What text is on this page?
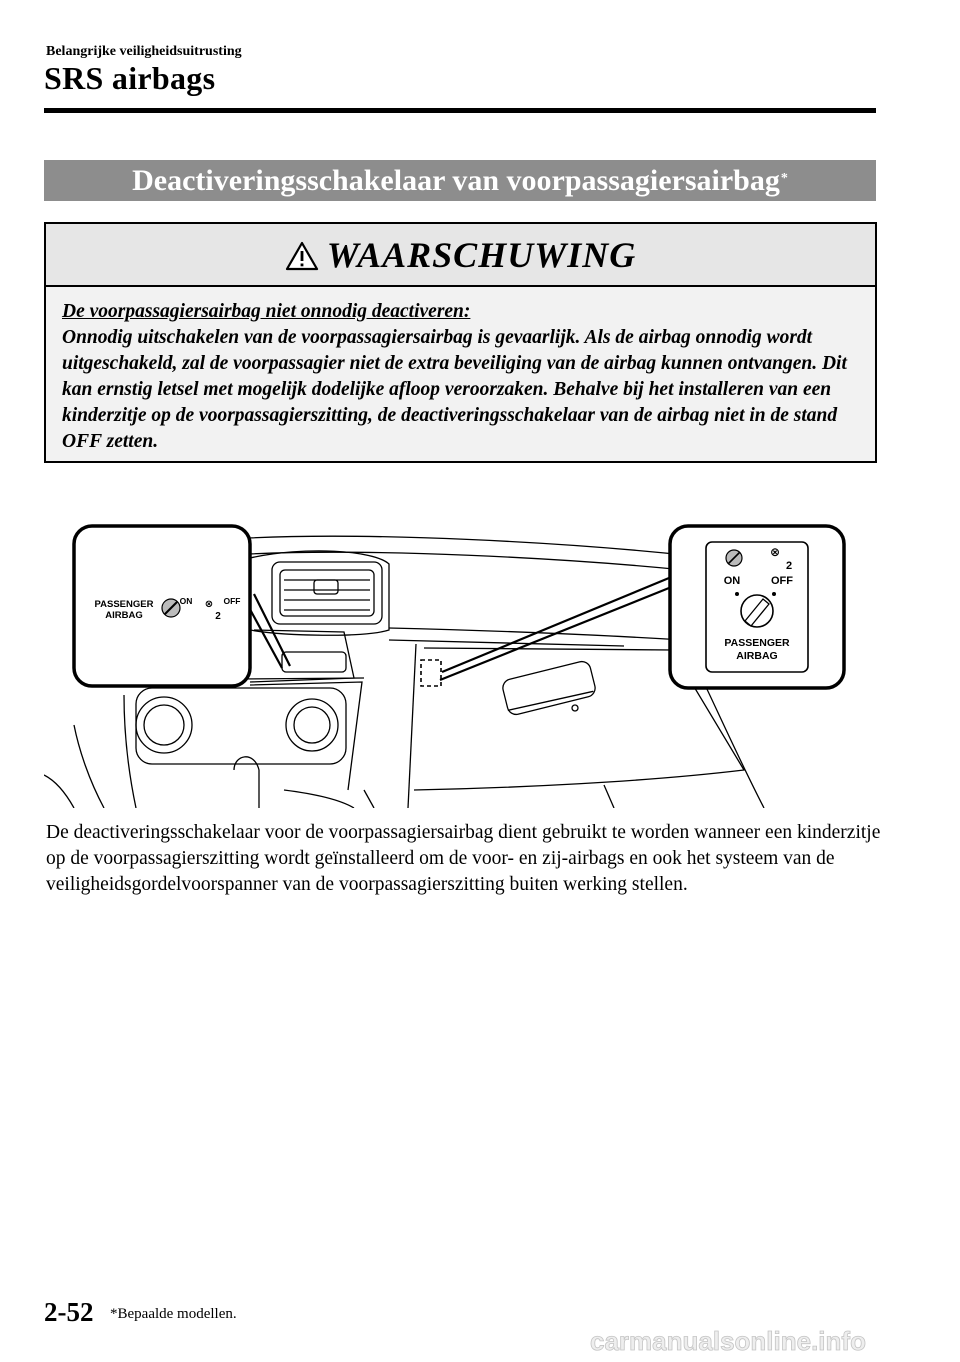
Belangrijke veiligheidsuitrusting
SRS airbags
Deactiveringsschakelaar van voorpassagiersairbag*
WAARSCHUWING
De voorpassagiersairbag niet onnodig deactiveren:
Onnodig uitschakelen van de voorpassagiersairbag is gevaarlijk. Als de airbag onnodig wordt uitgeschakeld, zal de voorpassagier niet de extra beveiliging van de airbag kunnen ontvangen. Dit kan ernstig letsel met mogelijk dodelijke afloop veroorzaken. Behalve bij het installeren van een kinderzitje op de voorpassagierszitting, de deactiveringsschakelaar van de airbag niet in de stand OFF zetten.
PASSENGER
AIRBAG
ON ⊗ OFF
2
⊗
2
ON	OFF
PASSENGER
AIRBAG
De deactiveringsschakelaar voor de voorpassagiersairbag dient gebruikt te worden wanneer een kinderzitje op de voorpassagierszitting wordt geïnstalleerd om de voor- en zij-airbags en ook het systeem van de veiligheidsgordelvoorspanner van de voorpassagierszitting buiten werking stellen.
2-52 *Bepaalde modellen.
carmanualsonline.info
